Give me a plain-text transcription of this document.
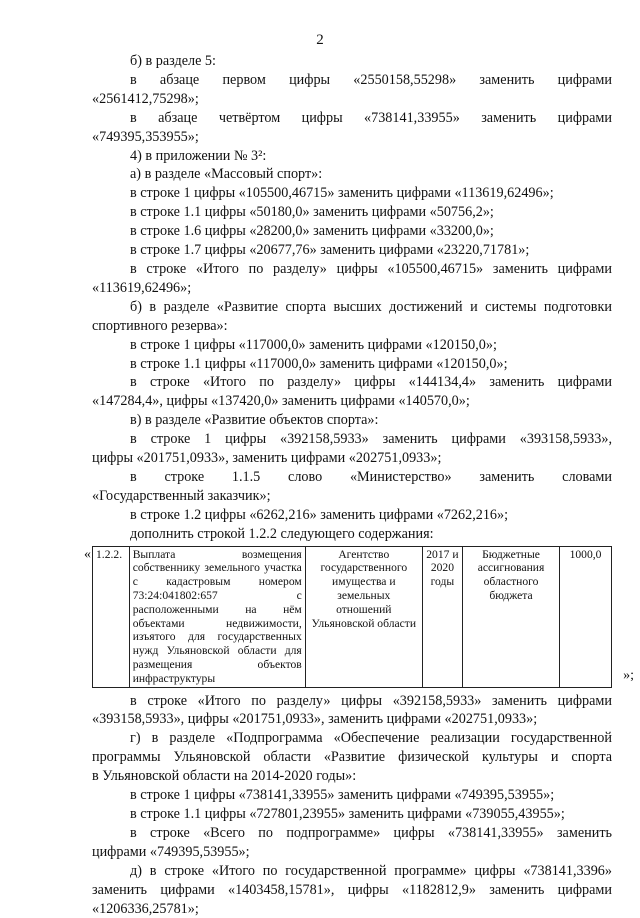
2

б) в разделе 5:

в абзаце первом цифры «2550158,55298» заменить цифрами

«2561412,75298»;

в абзаце четвёртом цифры «738141,33955» заменить цифрами

«749395,353955»;

4) в приложении № 3²:

а) в разделе «Массовый спорт»:

в строке 1 цифры «105500,46715» заменить цифрами «113619,62496»;

в строке 1.1 цифры «50180,0» заменить цифрами «50756,2»;

в строке 1.6 цифры «28200,0» заменить цифрами «33200,0»;

в строке 1.7 цифры «20677,76» заменить цифрами «23220,71781»;

в строке «Итого по разделу» цифры «105500,46715» заменить цифрами

«113619,62496»;

б) в разделе «Развитие спорта высших достижений и системы подготовки

спортивного резерва»:

в строке 1 цифры «117000,0» заменить цифрами «120150,0»;

в строке 1.1 цифры «117000,0» заменить цифрами «120150,0»;

в строке «Итого по разделу» цифры «144134,4» заменить цифрами

«147284,4», цифры «137420,0» заменить цифрами «140570,0»;

в) в разделе «Развитие объектов спорта»:

в строке 1 цифры «392158,5933» заменить цифрами «393158,5933»,

цифры «201751,0933», заменить цифрами «202751,0933»;

в строке 1.1.5 слово «Министерство» заменить словами

«Государственный заказчик»;

в строке 1.2 цифры «6262,216» заменить цифрами «7262,216»;

дополнить строкой 1.2.2 следующего содержания:

« 1.2.2.	Выплата возмещения собственнику земельного участка с кадастровым номером 73:24:041802:657 с расположенными на нём объектами недвижимости, изъятого для государственных нужд Ульяновской области для размещения объектов инфраструктуры	Агентство государственного имущества и земельных отношений Ульяновской области	2017 и 2020 годы	Бюджетные ассигнования областного бюджета	1000,0
»;

в строке «Итого по разделу» цифры «392158,5933» заменить цифрами

«393158,5933», цифры «201751,0933», заменить цифрами «202751,0933»;

г) в разделе «Подпрограмма «Обеспечение реализации государственной

программы Ульяновской области «Развитие физической культуры и спорта

в Ульяновской области на 2014-2020 годы»:

в строке 1 цифры «738141,33955» заменить цифрами «749395,53955»;

в строке 1.1 цифры «727801,23955» заменить цифрами «739055,43955»;

в строке «Всего по подпрограмме» цифры «738141,33955» заменить

цифрами «749395,53955»;

д) в строке «Итого по государственной программе» цифры «738141,3396»

заменить цифрами «1403458,15781», цифры «1182812,9» заменить цифрами

«1206336,25781»;
